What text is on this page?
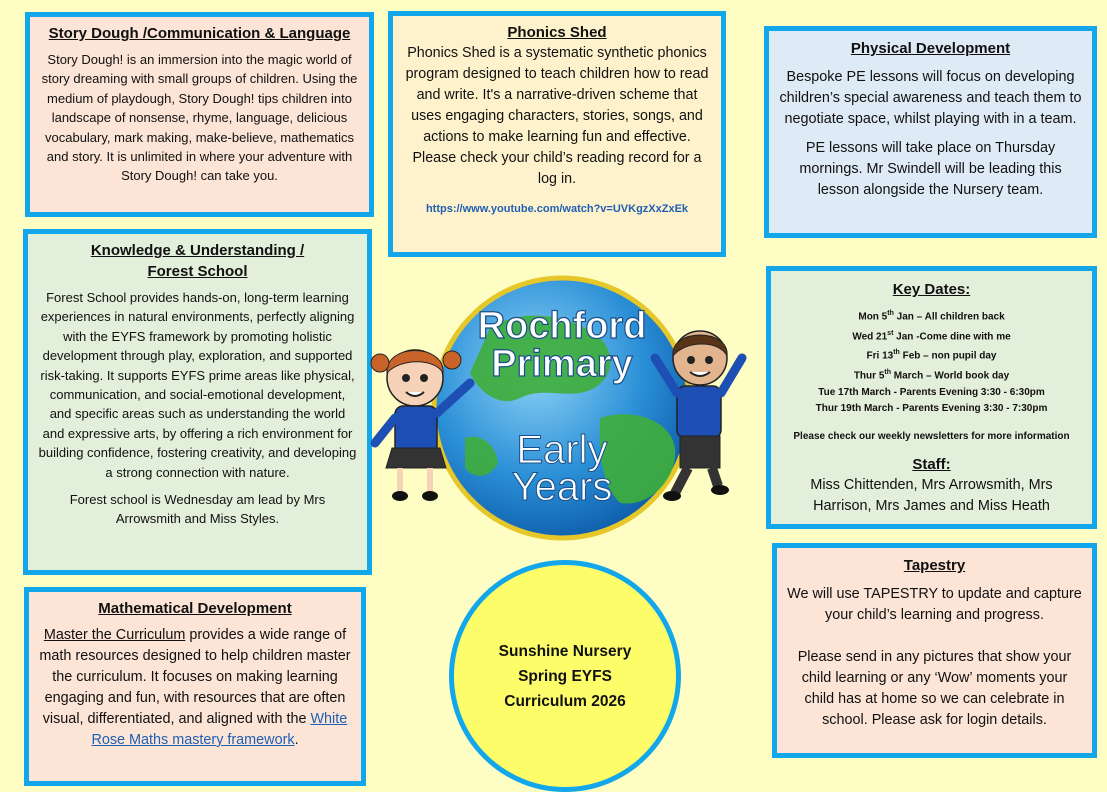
Story Dough /Communication & Language

Story Dough! is an immersion into the magic world of story dreaming with small groups of children. Using the medium of playdough, Story Dough! tips children into landscape of nonsense, rhyme, language, delicious vocabulary, mark making, make-believe, mathematics and story. It is unlimited in where your adventure with Story Dough! can take you.

Phonics Shed

Phonics Shed is a systematic synthetic phonics program designed to teach children how to read and write. It's a narrative-driven scheme that uses engaging characters, stories, songs, and actions to make learning fun and effective.

Please check your child’s reading record for a log in.

https://www.youtube.com/watch?v=UVKgzXxZxEk

Physical Development

Bespoke PE lessons will focus on developing children’s special awareness and teach them to negotiate space, whilst playing with in a team.

PE lessons will take place on Thursday mornings. Mr Swindell will be leading this lesson alongside the Nursery team.

Knowledge & Understanding / Forest School

Forest School provides hands-on, long-term learning experiences in natural environments, perfectly aligning with the EYFS framework by promoting holistic development through play, exploration, and supported risk-taking. It supports EYFS prime areas like physical, communication, and social-emotional development, and specific areas such as understanding the world and expressive arts, by offering a rich environment for building confidence, fostering creativity, and developing a strong connection with nature.

Forest school is Wednesday am lead by Mrs Arrowsmith and Miss Styles.

Rochford
Primary
Early
Years
Key Dates:
Mon 5th Jan – All children back
Wed 21st Jan -Come dine with me
Fri 13th Feb – non pupil day
Thur 5th March – World book day
Tue 17th March - Parents Evening 3:30 - 6:30pm
Thur 19th March - Parents Evening 3:30 - 7:30pm

Please check our weekly newsletters for more information

Staff:

Miss Chittenden, Mrs Arrowsmith, Mrs Harrison, Mrs James and Miss Heath

Mathematical Development

Master the Curriculum provides a wide range of math resources designed to help children master the curriculum. It focuses on making learning engaging and fun, with resources that are often visual, differentiated, and aligned with the White Rose Maths mastery framework.

Sunshine Nursery Spring EYFS Curriculum 2026
Tapestry

We will use TAPESTRY to update and capture your child’s learning and progress.

Please send in any pictures that show your child learning or any ‘Wow’ moments your child has at home so we can celebrate in school. Please ask for login details.
